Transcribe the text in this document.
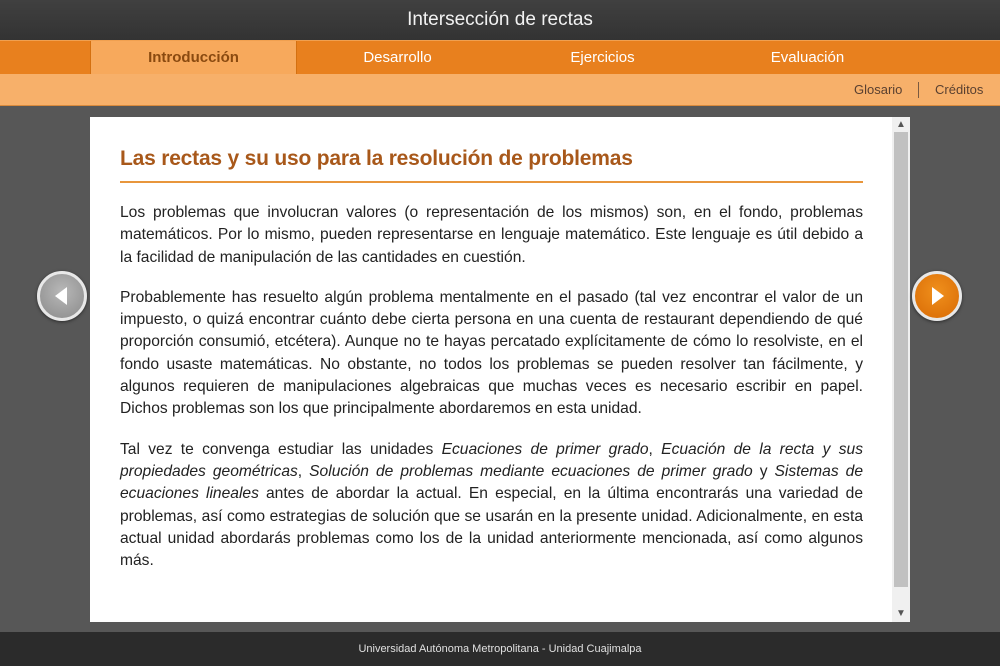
Intersección de rectas
Introducción	Desarrollo	Ejercicios	Evaluación
Glosario	Créditos
Las rectas y su uso para la resolución de problemas

Los problemas que involucran valores (o representación de los mismos) son, en el fondo, problemas matemáticos. Por lo mismo, pueden representarse en lenguaje matemático. Este lenguaje es útil debido a la facilidad de manipulación de las cantidades en cuestión.

Probablemente has resuelto algún problema mentalmente en el pasado (tal vez encontrar el valor de un impuesto, o quizá encontrar cuánto debe cierta persona en una cuenta de restaurant dependiendo de qué proporción consumió, etcétera). Aunque no te hayas percatado explícitamente de cómo lo resolviste, en el fondo usaste matemáticas. No obstante, no todos los problemas se pueden resolver tan fácilmente, y algunos requieren de manipulaciones algebraicas que muchas veces es necesario escribir en papel. Dichos problemas son los que principalmente abordaremos en esta unidad.

Tal vez te convenga estudiar las unidades Ecuaciones de primer grado, Ecuación de la recta y sus propiedades geométricas, Solución de problemas mediante ecuaciones de primer grado y Sistemas de ecuaciones lineales antes de abordar la actual. En especial, en la última encontrarás una variedad de problemas, así como estrategias de solución que se usarán en la presente unidad. Adicionalmente, en esta actual unidad abordarás problemas como los de la unidad anteriormente mencionada, así como algunos más.

▲
▼
Universidad Autónoma Metropolitana - Unidad Cuajimalpa
